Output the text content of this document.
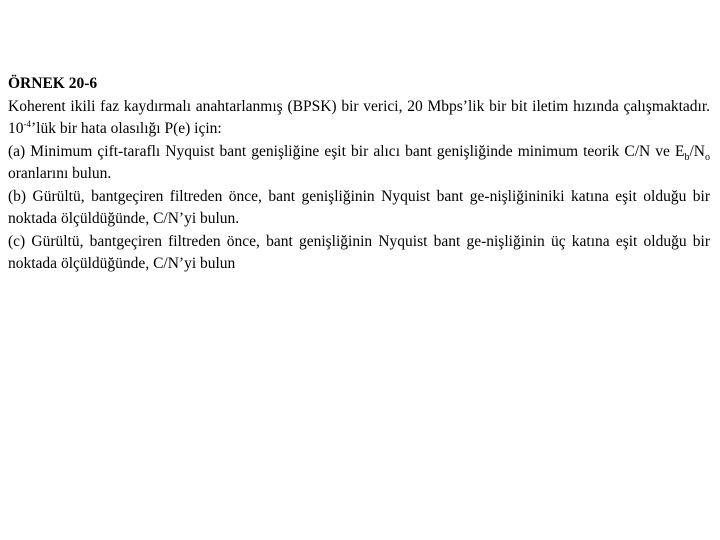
ÖRNEK 20-6

Koherent ikili faz kaydırmalı anahtarlanmış (BPSK) bir verici, 20 Mbps’lik bir bit iletim hızında çalışmaktadır. $10^{-4}’lük$ bir hata olasılığı P(e) için:

(a) Minimum çift-taraflı Nyquist bant genişliğine eşit bir alıcı bant genişliğinde minimum teorik C/N ve $E_b/N_o$ oranlarını bulun.

(b) Gürültü, bantgeçiren filtreden önce, bant genişliğinin Nyquist bant ge-nişliğininiki katına eşit olduğu bir noktada ölçüldüğünde, C/N’yi bulun.

(c) Gürültü, bantgeçiren filtreden önce, bant genişliğinin Nyquist bant ge-nişliğinin üç katına eşit olduğu bir noktada ölçüldüğünde, C/N’yi bulun
